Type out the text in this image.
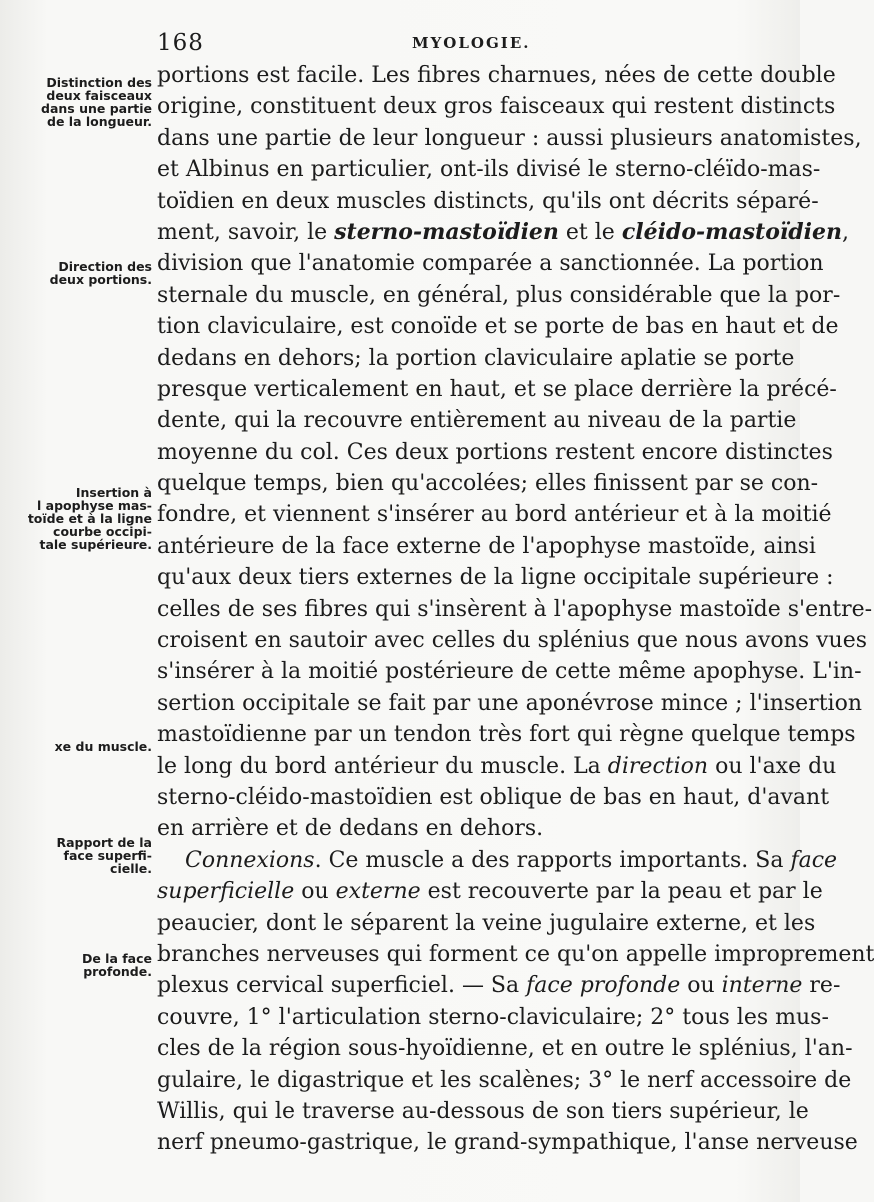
168	MYOLOGIE.
Distinction des
deux faisceaux
dans une partie
de la longueur.
Direction des
deux portions.
Insertion à
l apophyse mas-
toïde et à la ligne
courbe occipi-
tale supérieure.
xe du muscle.
Rapport de la
face superfi-
cielle.
De la face
profonde.
portions est facile. Les fibres charnues, nées de cette double
origine, constituent deux gros faisceaux qui restent distincts
dans une partie de leur longueur : aussi plusieurs anatomistes,
et Albinus en particulier, ont-ils divisé le sterno-cléïdo-mas-
toïdien en deux muscles distincts, qu'ils ont décrits séparé-
ment, savoir, le sterno-mastoïdien et le cléido-mastoïdien,
division que l'anatomie comparée a sanctionnée. La portion
sternale du muscle, en général, plus considérable que la por-
tion claviculaire, est conoïde et se porte de bas en haut et de
dedans en dehors; la portion claviculaire aplatie se porte
presque verticalement en haut, et se place derrière la précé-
dente, qui la recouvre entièrement au niveau de la partie
moyenne du col. Ces deux portions restent encore distinctes
quelque temps, bien qu'accolées; elles finissent par se con-
fondre, et viennent s'insérer au bord antérieur et à la moitié
antérieure de la face externe de l'apophyse mastoïde, ainsi
qu'aux deux tiers externes de la ligne occipitale supérieure :
celles de ses fibres qui s'insèrent à l'apophyse mastoïde s'entre-
croisent en sautoir avec celles du splénius que nous avons vues
s'insérer à la moitié postérieure de cette même apophyse. L'in-
sertion occipitale se fait par une aponévrose mince ; l'insertion
mastoïdienne par un tendon très fort qui règne quelque temps
le long du bord antérieur du muscle. La direction ou l'axe du
sterno-cléido-mastoïdien est oblique de bas en haut, d'avant
en arrière et de dedans en dehors.
Connexions. Ce muscle a des rapports importants. Sa face
superficielle ou externe est recouverte par la peau et par le
peaucier, dont le séparent la veine jugulaire externe, et les
branches nerveuses qui forment ce qu'on appelle improprement
plexus cervical superficiel. — Sa face profonde ou interne re-
couvre, 1° l'articulation sterno-claviculaire; 2° tous les mus-
cles de la région sous-hyoïdienne, et en outre le splénius, l'an-
gulaire, le digastrique et les scalènes; 3° le nerf accessoire de
Willis, qui le traverse au-dessous de son tiers supérieur, le
nerf pneumo-gastrique, le grand-sympathique, l'anse nerveuse
